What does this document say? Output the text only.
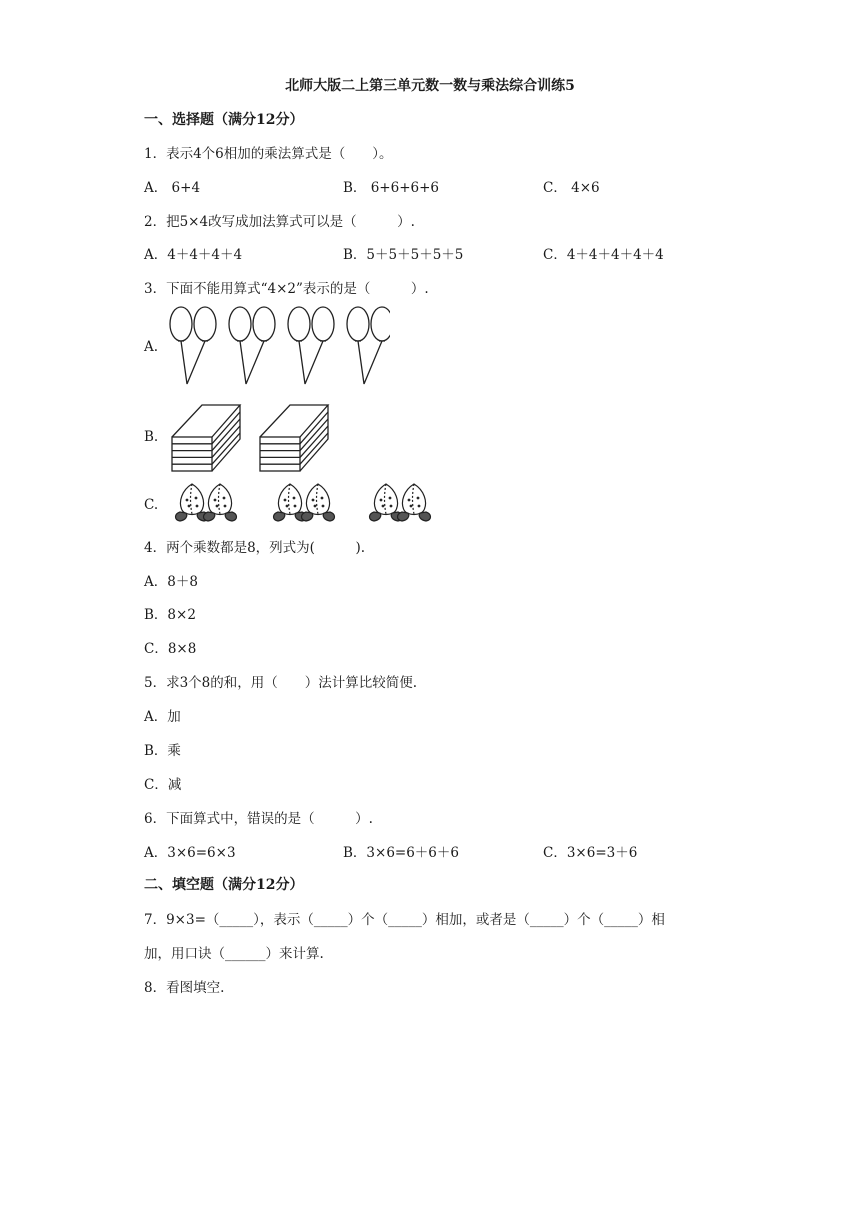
北师大版二上第三单元数一数与乘法综合训练5
一、选择题（满分12分）
1．表示4个6相加的乘法算式是（　　）。
A． 6+4	B． 6+6+6+6	C． 4×6
2．把5×4改写成加法算式可以是（　　　）.
A．4＋4＋4＋4	B．5＋5＋5＋5＋5	C．4＋4＋4＋4＋4
3．下面不能用算式“4×2”表示的是（　　　）.
A.
B.
C.
4．两个乘数都是8，列式为(　　　).
A．8＋8
B．8×2
C．8×8
5．求3个8的和，用（　　）法计算比较简便.
A．加
B．乘
C．减
6．下面算式中，错误的是（　　　）.
A．3×6=6×3	B．3×6=6＋6＋6	C．3×6=3＋6
二、填空题（满分12分）
7．9×3=（_____），表示（_____）个（_____）相加，或者是（_____）个（_____）相
加，用口诀（______）来计算.
8．看图填空.
